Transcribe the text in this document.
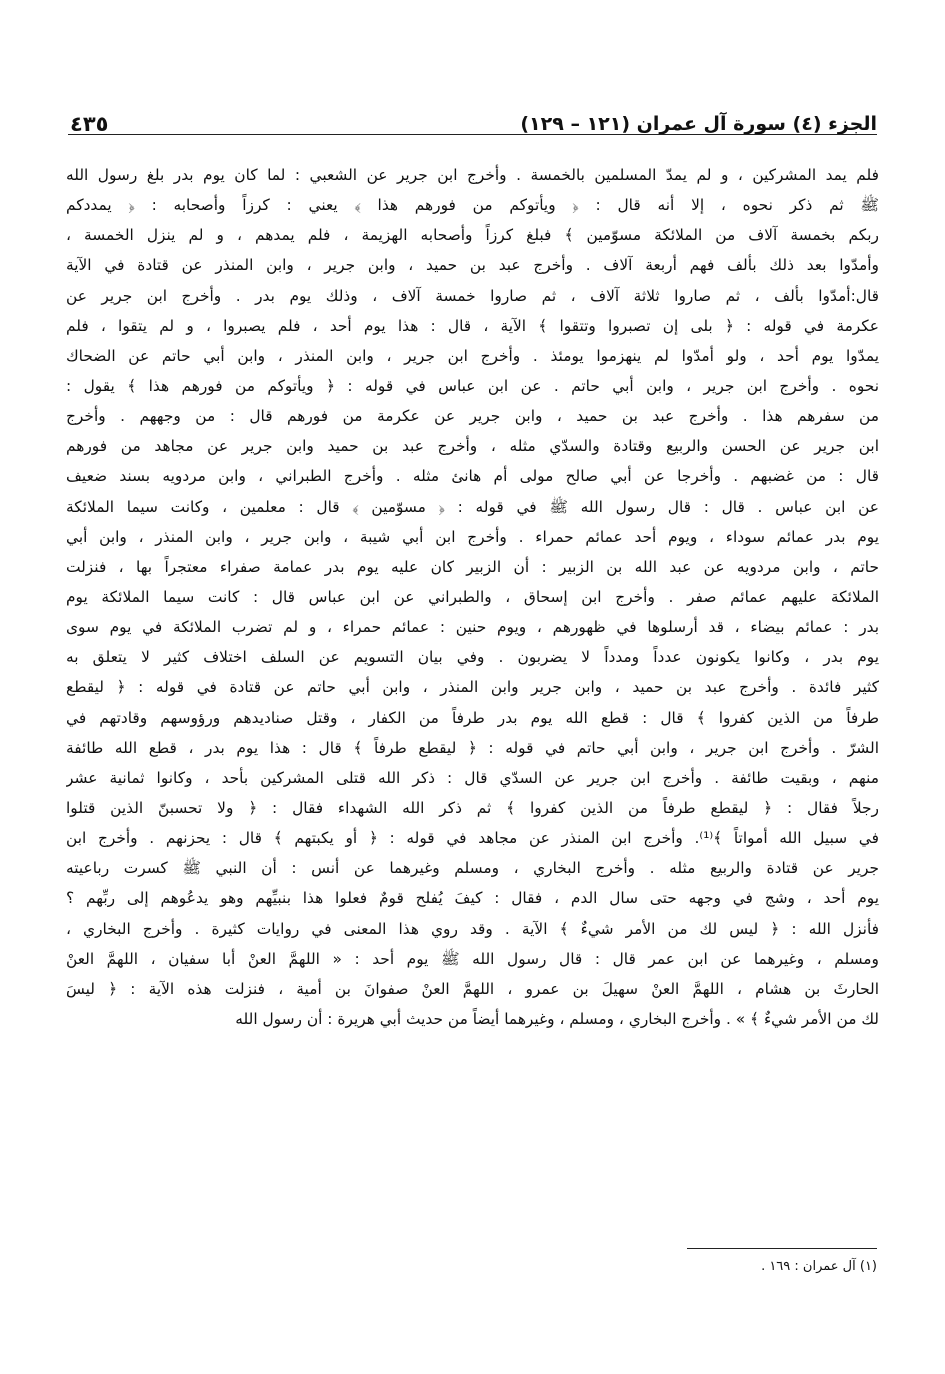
الجزء (٤) سورة آل عمران (١٢١ – ١٢٩)
٤٣٥
فلم يمد المشركين ، و لم يمدّ المسلمين بالخمسة . وأخرج ابن جرير عن الشعبي : لما كان يوم بدر بلغ رسول الله
ﷺ ثم ذكر نحوه ، إلا أنه قال : ﴿ ويأتوكم من فورهم هذا ﴾ يعني : كرزاً وأصحابه : ﴿ يمددكم
ربكم بخمسة آلاف من الملائكة مسوّمين ﴾ فبلغ كرزاً وأصحابه الهزيمة ، فلم يمدهم ، و لم ينزل الخمسة ،
وأمدّوا بعد ذلك بألف فهم أربعة آلاف . وأخرج عبد بن حميد ، وابن جرير ، وابن المنذر عن قتادة في الآية
قال:أمدّوا بألف ، ثم صاروا ثلاثة آلاف ، ثم صاروا خمسة آلاف ، وذلك يوم بدر . وأخرج ابن جرير عن
عكرمة في قوله : ﴿ بلى إن تصبروا وتتقوا ﴾ الآية ، قال : هذا يوم أحد ، فلم يصبروا ، و لم يتقوا ، فلم
يمدّوا يوم أحد ، ولو أمدّوا لم ينهزموا يومئذ . وأخرج ابن جرير ، وابن المنذر ، وابن أبي حاتم عن الضحاك
نحوه . وأخرج ابن جرير ، وابن أبي حاتم . عن ابن عباس في قوله : ﴿ ويأتوكم من فورهم هذا ﴾ يقول :
من سفرهم هذا . وأخرج عبد بن حميد ، وابن جرير عن عكرمة من فورهم قال : من وجههم . وأخرج
ابن جرير عن الحسن والربيع وقتادة والسدّي مثله ، وأخرج عبد بن حميد وابن جرير عن مجاهد من فورهم
قال : من غضبهم . وأخرجا عن أبي صالح مولى أم هانئ مثله . وأخرج الطبراني ، وابن مردويه بسند ضعيف
عن ابن عباس . قال : قال رسول الله ﷺ في قوله : ﴿ مسوّمين ﴾ قال : معلمين ، وكانت سيما الملائكة
يوم بدر عمائم سوداء ، ويوم أحد عمائم حمراء . وأخرج ابن أبي شيبة ، وابن جرير ، وابن المنذر ، وابن أبي
حاتم ، وابن مردويه عن عبد الله بن الزبير : أن الزبير كان عليه يوم بدر عمامة صفراء معتجراً بها ، فنزلت
الملائكة عليهم عمائم صفر . وأخرج ابن إسحاق ، والطبراني عن ابن عباس قال : كانت سيما الملائكة يوم
بدر : عمائم بيضاء ، قد أرسلوها في ظهورهم ، ويوم حنين : عمائم حمراء ، و لم تضرب الملائكة في يوم سوى
يوم بدر ، وكانوا يكونون عدداً ومدداً لا يضربون . وفي بيان التسويم عن السلف اختلاف كثير لا يتعلق به
كثير فائدة . وأخرج عبد بن حميد ، وابن جرير وابن المنذر ، وابن أبي حاتم عن قتادة في قوله : ﴿ ليقطع
طرفاً من الذين كفروا ﴾ قال : قطع الله يوم بدر طرفاً من الكفار ، وقتل صناديدهم ورؤوسهم وقادتهم في
الشرّ . وأخرج ابن جرير ، وابن أبي حاتم في قوله : ﴿ ليقطع طرفاً ﴾ قال : هذا يوم بدر ، قطع الله طائفة
منهم ، وبقيت طائفة . وأخرج ابن جرير عن السدّي قال : ذكر الله قتلى المشركين بأحد ، وكانوا ثمانية عشر
رجلاً فقال : ﴿ ليقطع طرفاً من الذين كفروا ﴾ ثم ذكر الله الشهداء فقال : ﴿ ولا تحسبنّ الذين قتلوا
في سبيل الله أمواتاً ﴾⁽¹⁾. وأخرج ابن المنذر عن مجاهد في قوله : ﴿ أو يكبتهم ﴾ قال : يحزنهم . وأخرج ابن
جرير عن قتادة والربيع مثله . وأخرج البخاري ، ومسلم وغيرهما عن أنس : أن النبي ﷺ كسرت رباعيته
يوم أحد ، وشج في وجهه حتى سال الدم ، فقال : كيفَ يُفلح قومٌ فعلوا هذا بنبيِّهم وهو يدعُوهم إلى ربِّهم ؟
فأنزل الله : ﴿ ليس لك من الأمر شيءٌ ﴾ الآية . وقد روي هذا المعنى في روايات كثيرة . وأخرج البخاري ،
ومسلم ، وغيرهما عن ابن عمر قال : قال رسول الله ﷺ يوم أحد : « اللهمَّ العنْ أبا سفيان ، اللهمَّ العنْ
الحارثَ بن هشام ، اللهمَّ العنْ سهيلَ بن عمرو ، اللهمَّ العنْ صفوانَ بن أمية ، فنزلت هذه الآية : ﴿ ليسَ
لك من الأمر شيءٌ ﴾ » . وأخرج البخاري ، ومسلم ، وغيرهما أيضاً من حديث أبي هريرة : أن رسول الله
(١) آل عمران : ١٦٩ .
